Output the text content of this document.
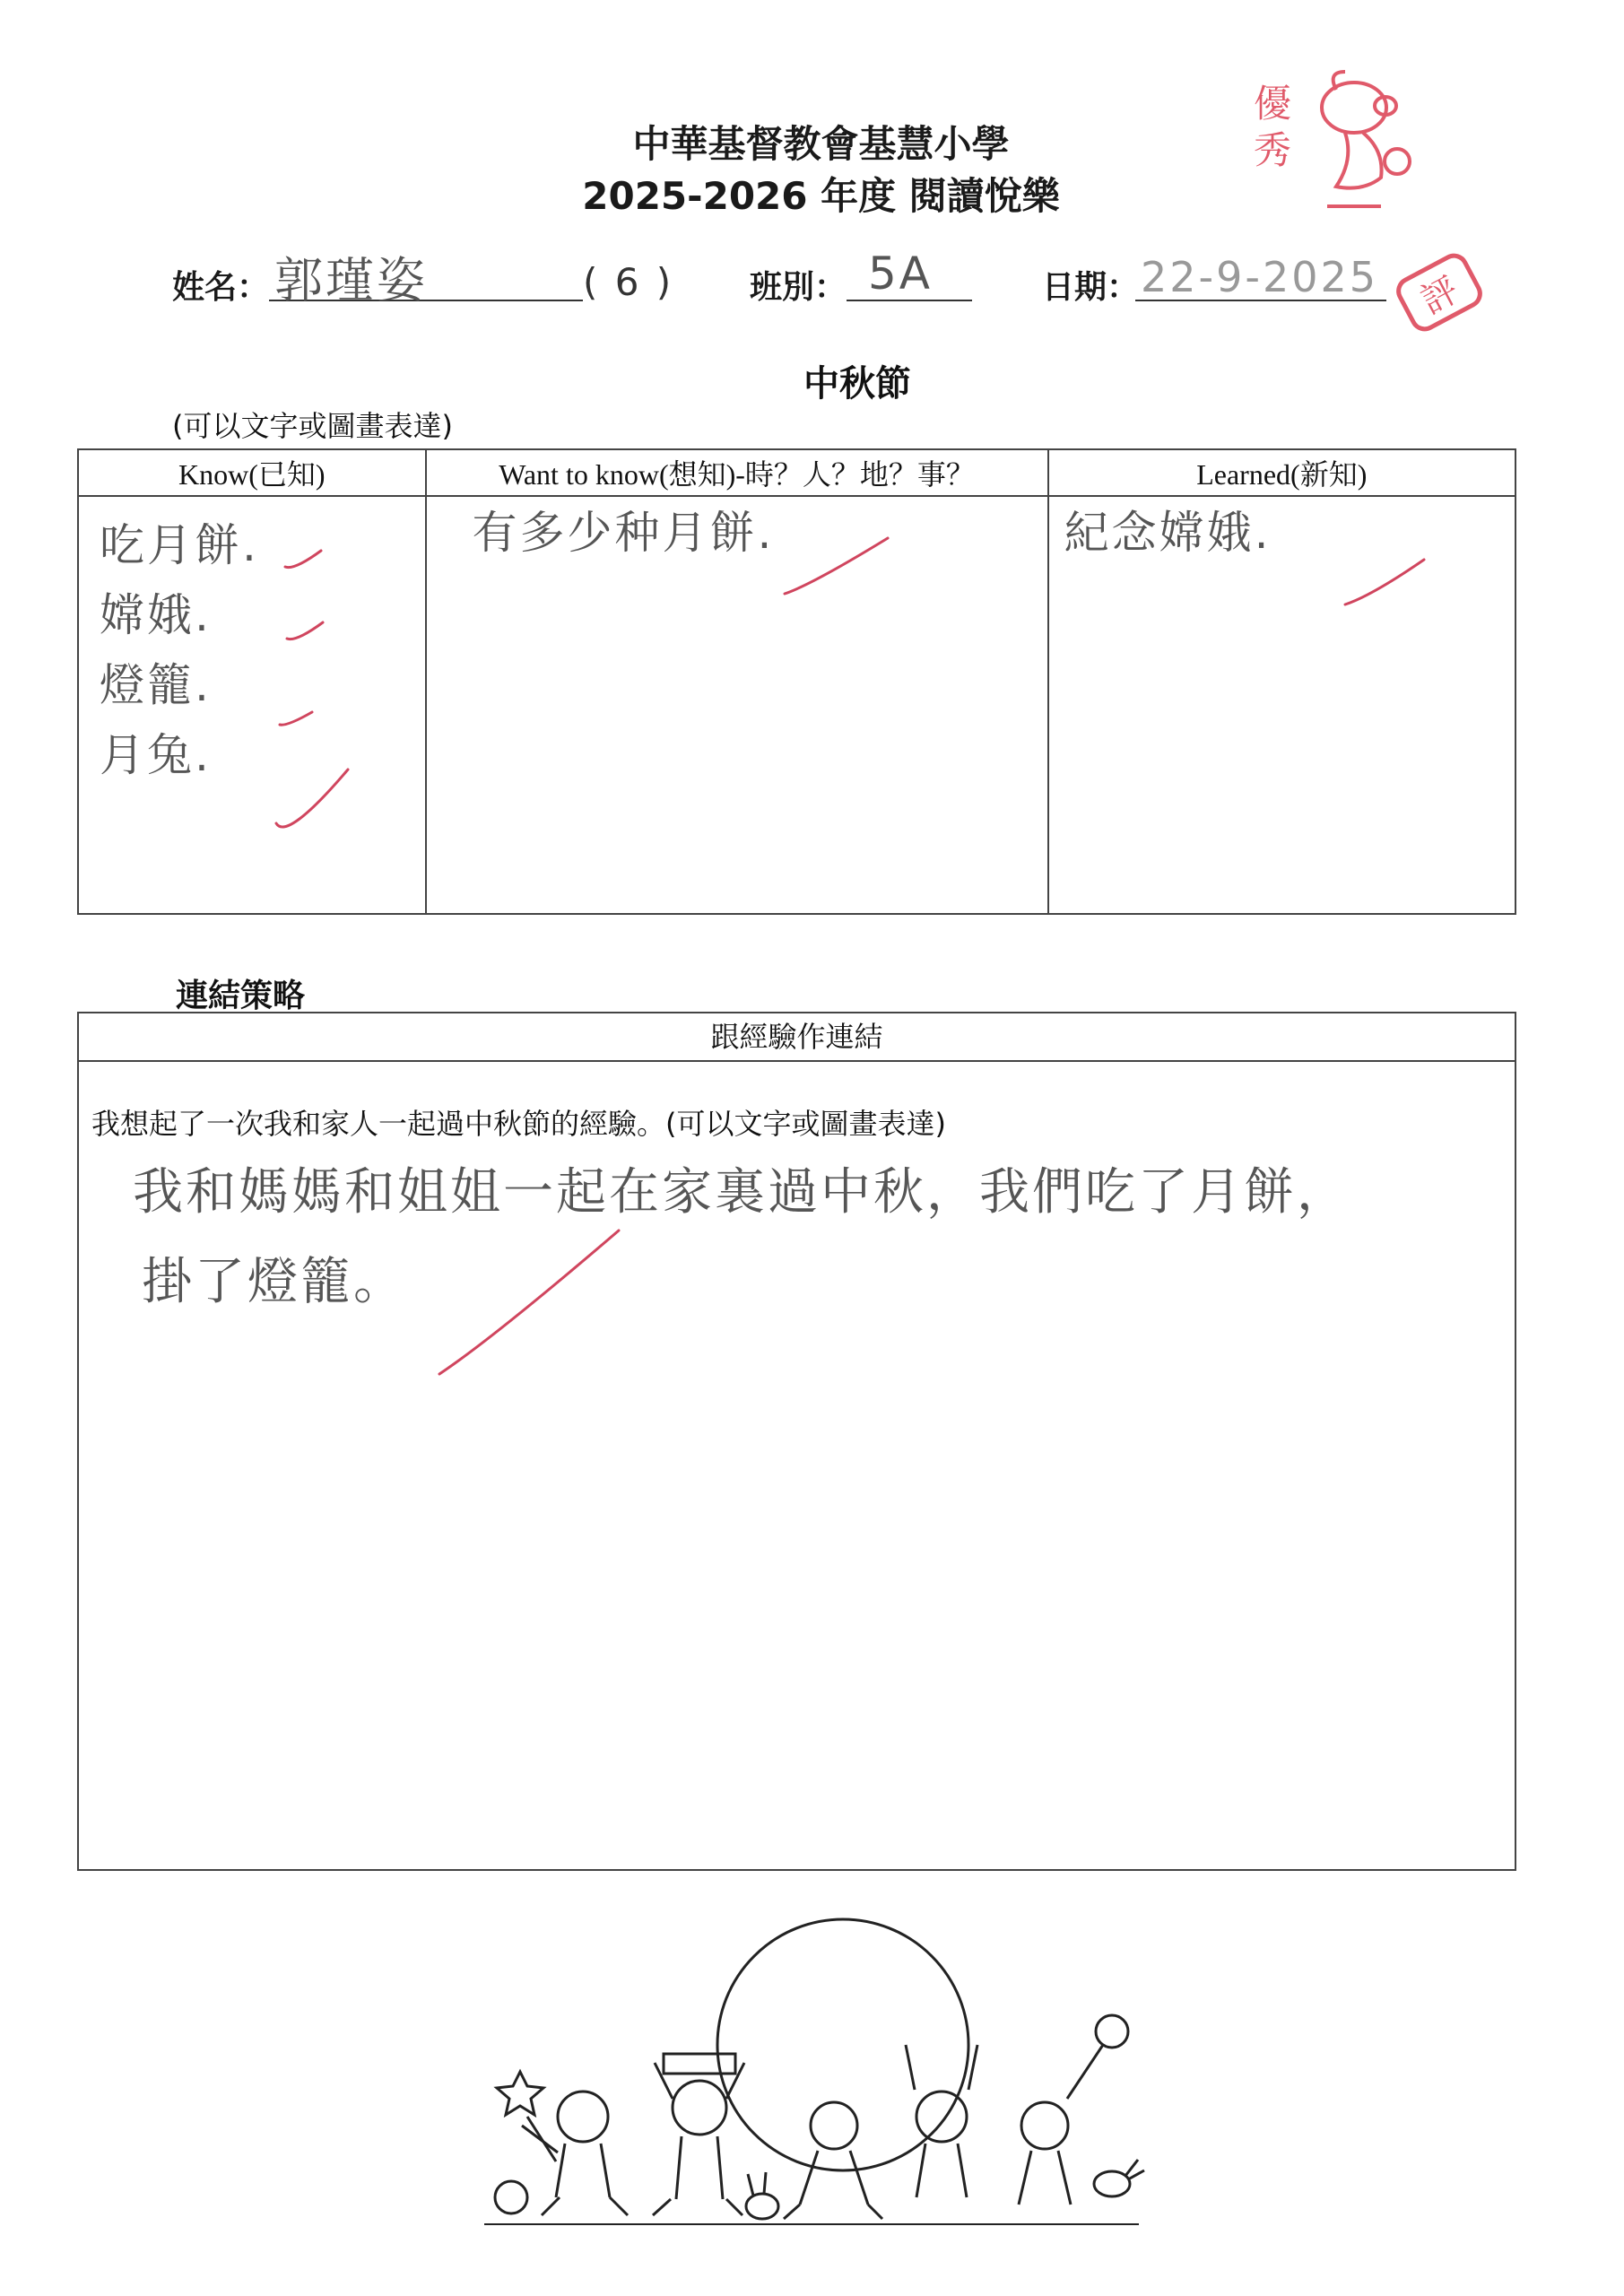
中華基督教會基慧小學
2025-2026 年度 閱讀悅樂
優秀
姓名： 郭瑾姿	( 6 ) 班別： 5A	日期： 22-9-2025 評
中秋節
(可以文字或圖畫表達)
Know(已知)	Want to know(想知)-時？人？地？事？	Learned(新知)

吃月餅.
嫦娥.
燈籠.
月兔.	有多少种月餅.	紀念嫦娥.
連結策略
跟經驗作連結
我想起了一次我和家人一起過中秋節的經驗。(可以文字或圖畫表達)
我和媽媽和姐姐一起在家裏過中秋，我們吃了月餅，
掛了燈籠。
